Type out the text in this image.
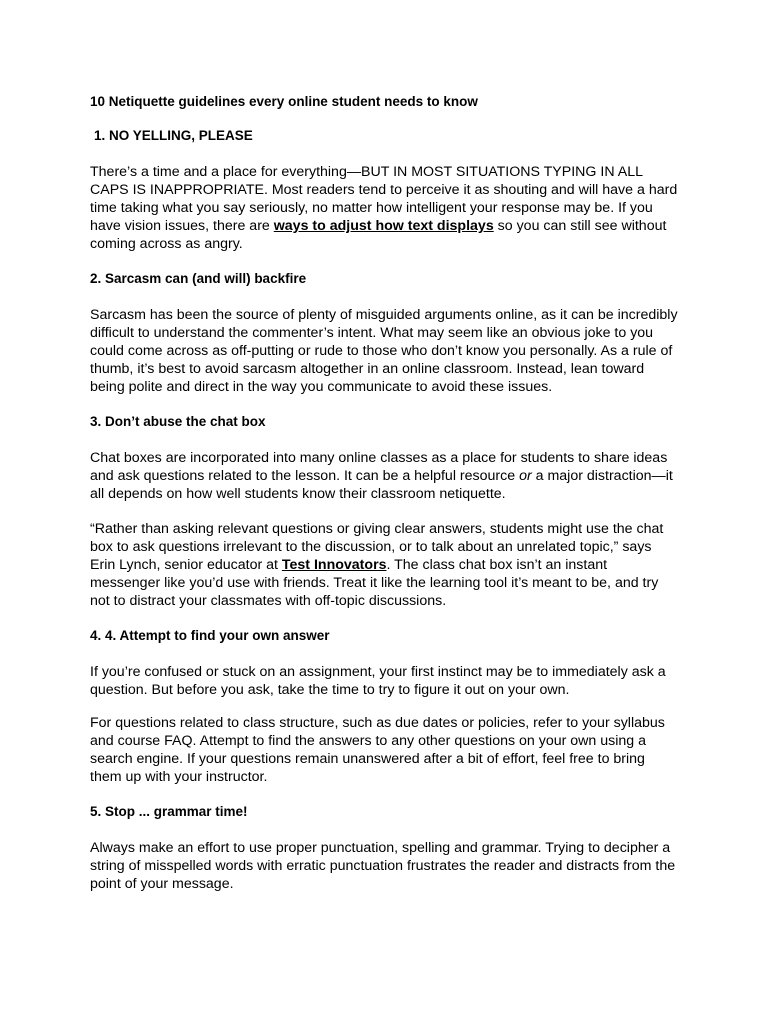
10 Netiquette guidelines every online student needs to know
1. NO YELLING, PLEASE

There’s a time and a place for everything—BUT IN MOST SITUATIONS TYPING IN ALL CAPS IS INAPPROPRIATE. Most readers tend to perceive it as shouting and will have a hard time taking what you say seriously, no matter how intelligent your response may be. If you have vision issues, there are ways to adjust how text displays so you can still see without coming across as angry.

2. Sarcasm can (and will) backfire

Sarcasm has been the source of plenty of misguided arguments online, as it can be incredibly difficult to understand the commenter’s intent. What may seem like an obvious joke to you could come across as off-putting or rude to those who don’t know you personally. As a rule of thumb, it’s best to avoid sarcasm altogether in an online classroom. Instead, lean toward being polite and direct in the way you communicate to avoid these issues.

3. Don’t abuse the chat box

Chat boxes are incorporated into many online classes as a place for students to share ideas and ask questions related to the lesson. It can be a helpful resource or a major distraction—it all depends on how well students know their classroom netiquette.

“Rather than asking relevant questions or giving clear answers, students might use the chat box to ask questions irrelevant to the discussion, or to talk about an unrelated topic,” says Erin Lynch, senior educator at Test Innovators. The class chat box isn’t an instant messenger like you’d use with friends. Treat it like the learning tool it’s meant to be, and try not to distract your classmates with off-topic discussions.

4. 4. Attempt to find your own answer

If you’re confused or stuck on an assignment, your first instinct may be to immediately ask a question. But before you ask, take the time to try to figure it out on your own.

For questions related to class structure, such as due dates or policies, refer to your syllabus and course FAQ. Attempt to find the answers to any other questions on your own using a search engine. If your questions remain unanswered after a bit of effort, feel free to bring them up with your instructor.

5. Stop ... grammar time!

Always make an effort to use proper punctuation, spelling and grammar. Trying to decipher a string of misspelled words with erratic punctuation frustrates the reader and distracts from the point of your message.
